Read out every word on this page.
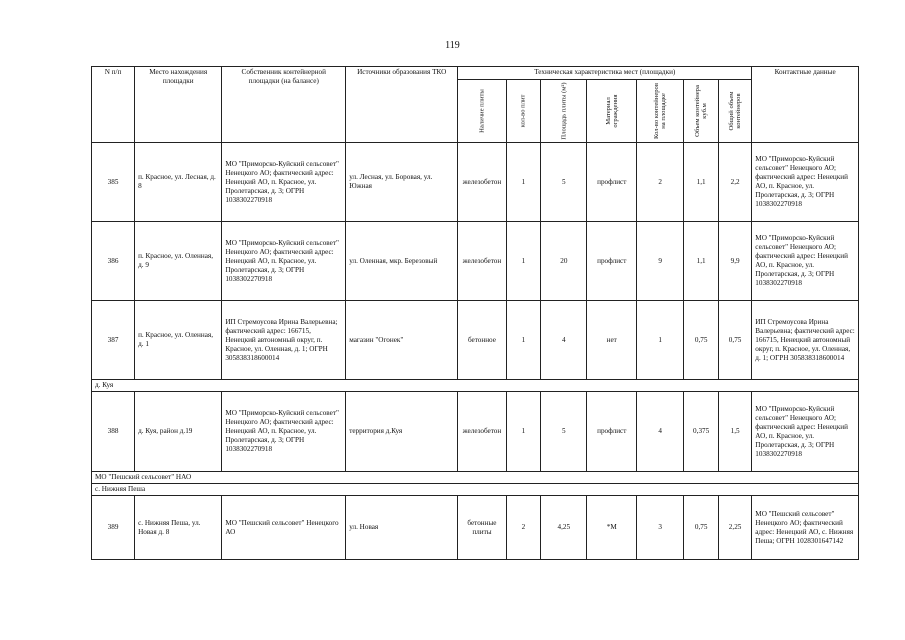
119
N п/п	Место нахождения площадки	Собственник контейнерной площадки (на балансе)	Источники образования ТКО	Техническая характеристика мест (площадки)							Контактные данные

				Наличие плиты	кол-во плит	Площадь плиты (м²)	Материал ограждения	Кол-во контейнеров на площадке	Объем контейнера куб.м	Общий объем контейнеров	

385	п. Красное, ул. Лесная, д. 8	МО "Приморско-Куйский сельсовет" Ненецкого АО; фактический адрес: Ненецкий АО, п. Красное, ул. Пролетарская, д. 3; ОГРН 1038302270918	ул. Лесная, ул. Боровая, ул. Южная	железобетон	1	5	профлист	2	1,1	2,2	МО "Приморско-Куйский сельсовет" Ненецкого АО; фактический адрес: Ненецкий АО, п. Красное, ул. Пролетарская, д. 3; ОГРН 1038302270918
386	п. Красное, ул. Оленная, д. 9	МО "Приморско-Куйский сельсовет" Ненецкого АО; фактический адрес: Ненецкий АО, п. Красное, ул. Пролетарская, д. 3; ОГРН 1038302270918	ул. Оленная, мкр. Березовый	железобетон	1	20	профлист	9	1,1	9,9	МО "Приморско-Куйский сельсовет" Ненецкого АО; фактический адрес: Ненецкий АО, п. Красное, ул. Пролетарская, д. 3; ОГРН 1038302270918
387	п. Красное, ул. Оленная, д. 1	ИП Стремоусова Ирина Валерьевна; фактический адрес: 166715, Ненецкий автономный округ, п. Красное, ул. Оленная, д. 1; ОГРН 305838318600014	магазин "Огонек"	бетонное	1	4	нет	1	0,75	0,75	ИП Стремоусова Ирина Валерьевна; фактический адрес: 166715, Ненецкий автономный округ, п. Красное, ул. Оленная, д. 1; ОГРН 305838318600014
д. Куя											
388	д. Куя, район д.19	МО "Приморско-Куйский сельсовет" Ненецкого АО; фактический адрес: Ненецкий АО, п. Красное, ул. Пролетарская, д. 3; ОГРН 1038302270918	территория д.Куя	железобетон	1	5	профлист	4	0,375	1,5	МО "Приморско-Куйский сельсовет" Ненецкого АО; фактический адрес: Ненецкий АО, п. Красное, ул. Пролетарская, д. 3; ОГРН 1038302270918
МО "Пешский сельсовет" НАО											
с. Нижняя Пеша											
389	с. Нижняя Пеша, ул. Новая д. 8	МО "Пешский сельсовет" Ненецкого АО	ул. Новая	бетонные плиты	2	4,25	*М	3	0,75	2,25	МО "Пешский сельсовет" Ненецкого АО; фактический адрес: Ненецкий АО, с. Нижняя Пеша; ОГРН 1028301647142
